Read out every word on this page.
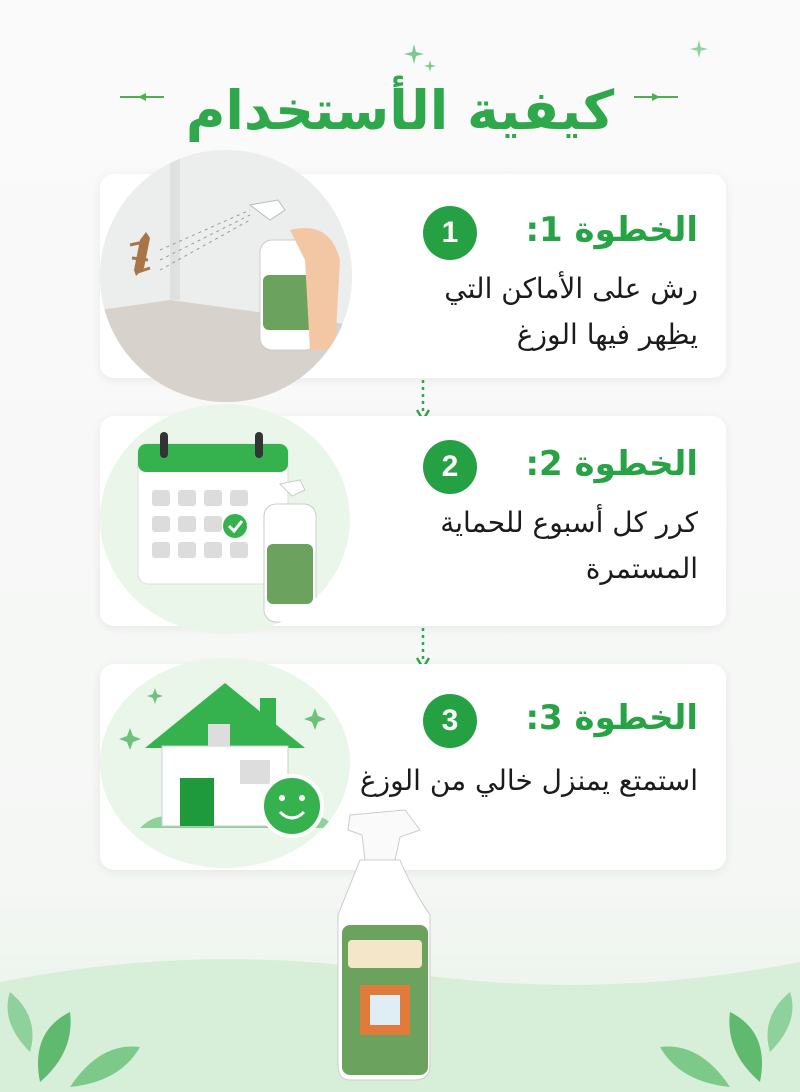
كيفية الأستخدام
1	الخطوة 1:
رش على الأماكن التي
يظِهر فيها الوزغ
2	الخطوة 2:
كرر كل أسبوع للحماية
المستمرة
3	الخطوة 3:
استمتع يمنزل خالي من الوزغ
